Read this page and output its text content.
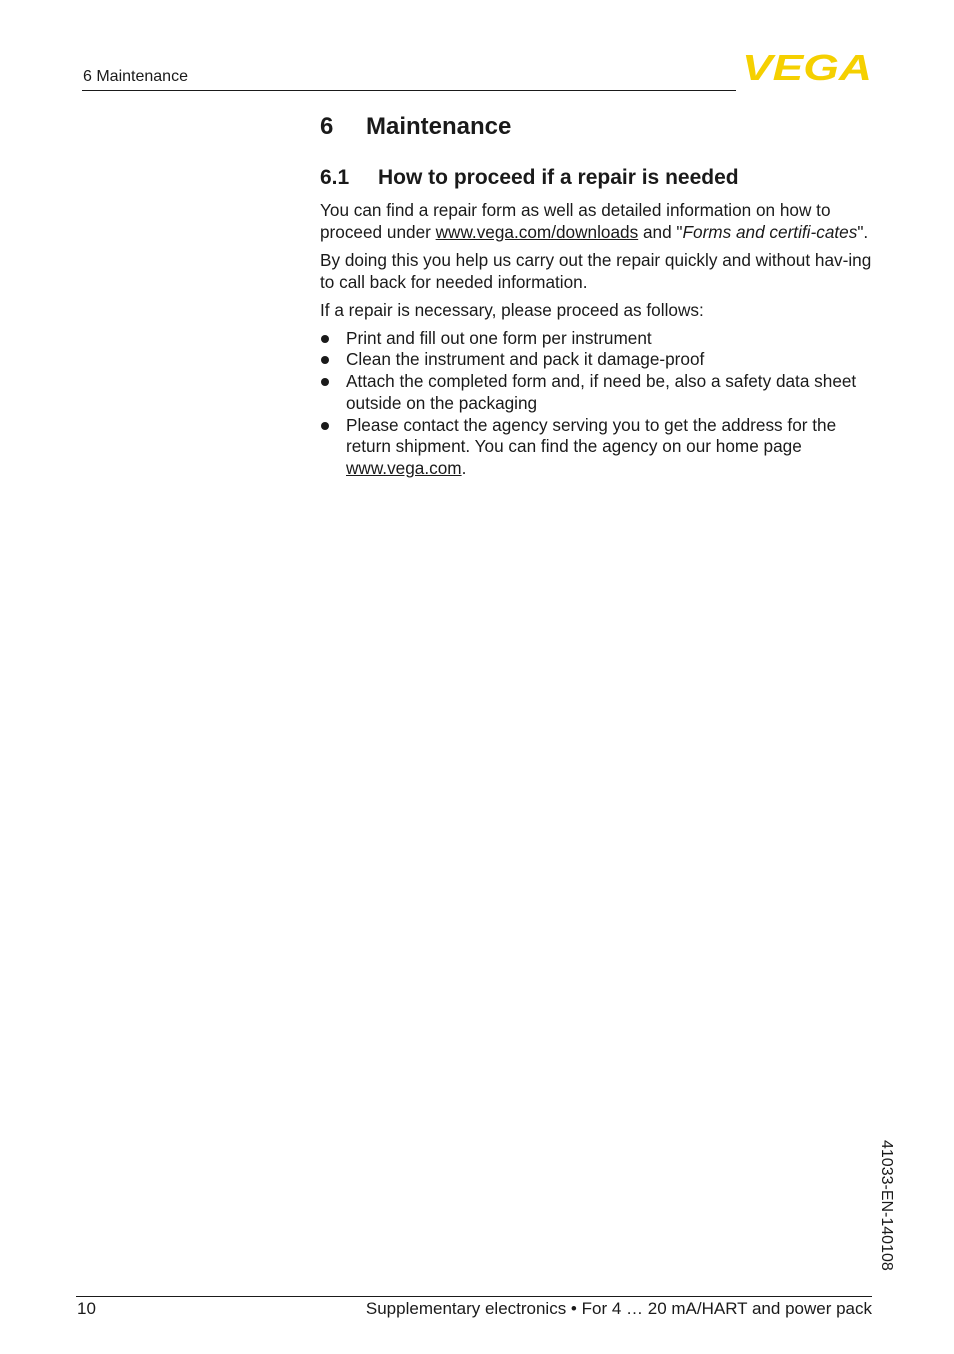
6 Maintenance	VEGA
6	Maintenance
6.1	How to proceed if a repair is needed

You can find a repair form as well as detailed information on how to proceed under www.vega.com/downloads and "Forms and certifi-cates".

By doing this you help us carry out the repair quickly and without hav-ing to call back for needed information.

If a repair is necessary, please proceed as follows:

Print and fill out one form per instrument
Clean the instrument and pack it damage-proof
Attach the completed form and, if need be, also a safety data sheet outside on the packaging
Please contact the agency serving you to get the address for the return shipment. You can find the agency on our home page www.vega.com.
41033-EN-140108
10	Supplementary electronics • For 4 … 20 mA/HART and power pack
